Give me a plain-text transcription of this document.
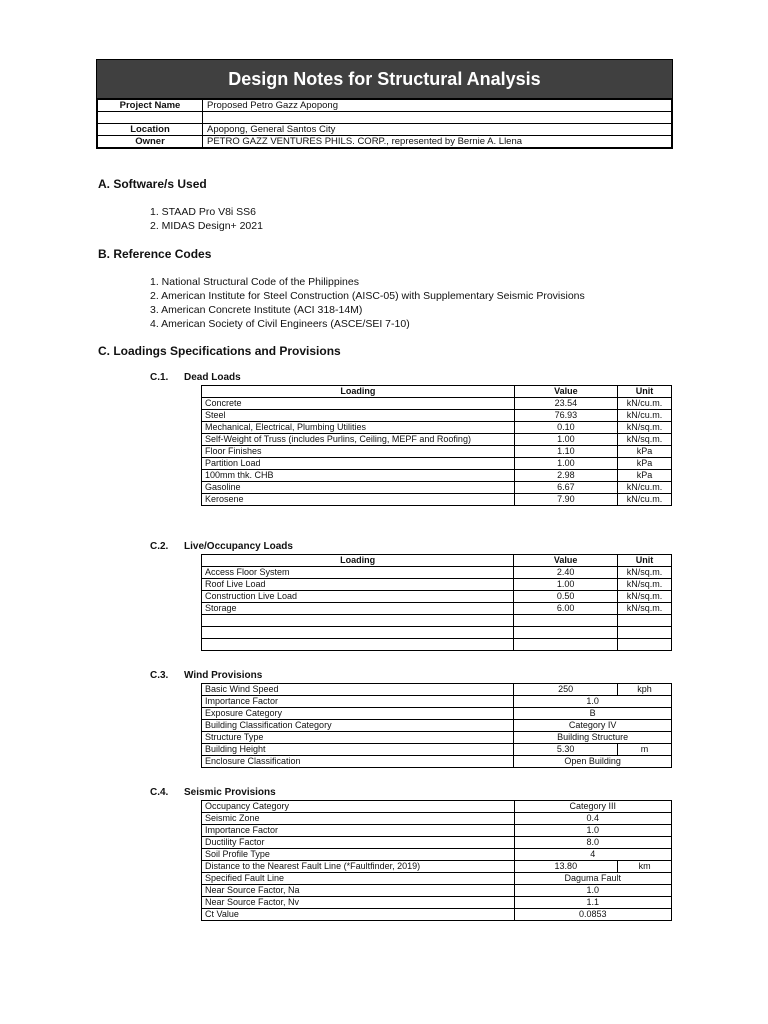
Design Notes for Structural Analysis
Project Name	Proposed Petro Gazz Apopong

Location	Apopong, General Santos City
Owner	PETRO GAZZ VENTURES PHILS. CORP., represented by Bernie A. Llena
A. Software/s Used
1. STAAD Pro V8i SS6
2. MIDAS Design+ 2021
B. Reference Codes
1. National Structural Code of the Philippines
2. American Institute for Steel Construction (AISC-05) with Supplementary Seismic Provisions
3. American Concrete Institute (ACI 318-14M)
4. American Society of Civil Engineers (ASCE/SEI 7-10)
C. Loadings Specifications and Provisions
C.1. Dead Loads
Loading	Value	Unit
Concrete	23.54	kN/cu.m.
Steel	76.93	kN/cu.m.
Mechanical, Electrical, Plumbing Utilities	0.10	kN/sq.m.
Self-Weight of Truss (includes Purlins, Ceiling, MEPF and Roofing)	1.00	kN/sq.m.
Floor Finishes	1.10	kPa
Partition Load	1.00	kPa
100mm thk. CHB	2.98	kPa
Gasoline	6.67	kN/cu.m.
Kerosene	7.90	kN/cu.m.
C.2. Live/Occupancy Loads
Loading	Value	Unit
Access Floor System	2.40	kN/sq.m.
Roof Live Load	1.00	kN/sq.m.
Construction Live Load	0.50	kN/sq.m.
Storage	6.00	kN/sq.m.

C.3. Wind Provisions
Basic Wind Speed	250	kph
Importance Factor	1.0	
Exposure Category	B	
Building Classification Category	Category IV	
Structure Type	Building Structure	
Building Height	5.30	m
Enclosure Classification	Open Building	
C.4. Seismic Provisions
Occupancy Category	Category III	
Seismic Zone	0.4	
Importance Factor	1.0	
Ductility Factor	8.0	
Soil Profile Type	4	
Distance to the Nearest Fault Line (*Faultfinder, 2019)	13.80	km
Specified Fault Line	Daguma Fault	
Near Source Factor, Na	1.0	
Near Source Factor, Nv	1.1	
Ct Value	0.0853	
